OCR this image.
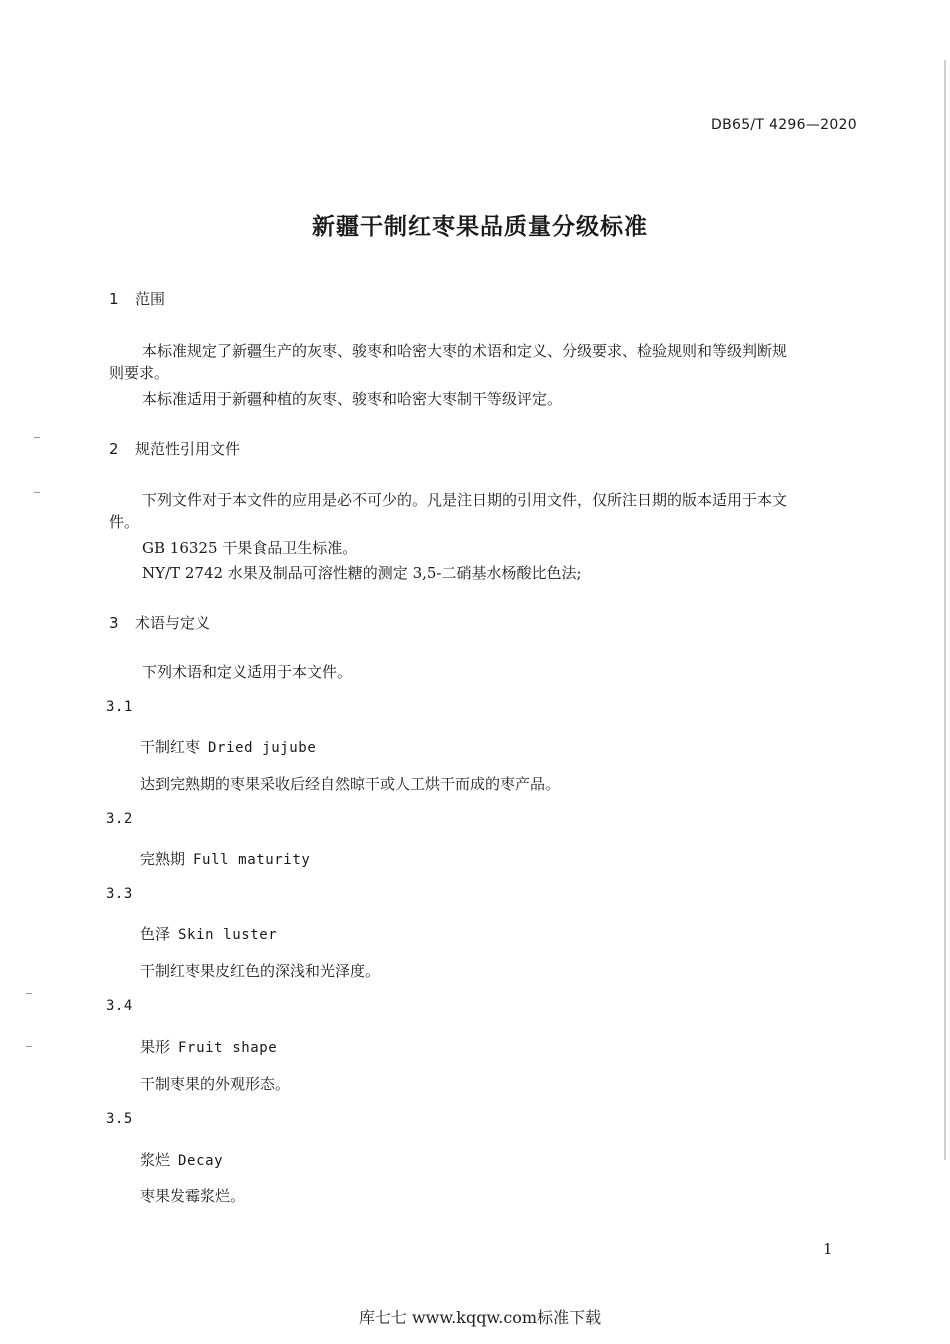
DB65/T 4296—2020
新疆干制红枣果品质量分级标准
1 范围
本标准规定了新疆生产的灰枣、骏枣和哈密大枣的术语和定义、分级要求、检验规则和等级判断规
则要求。
本标准适用于新疆种植的灰枣、骏枣和哈密大枣制干等级评定。
2 规范性引用文件
下列文件对于本文件的应用是必不可少的。凡是注日期的引用文件，仅所注日期的版本适用于本文
件。
GB 16325 干果食品卫生标准。
NY/T 2742 水果及制品可溶性糖的测定 3,5-二硝基水杨酸比色法;
3 术语与定义
下列术语和定义适用于本文件。
3.1
干制红枣 Dried jujube
达到完熟期的枣果采收后经自然晾干或人工烘干而成的枣产品。
3.2
完熟期 Full maturity
3.3
色泽 Skin luster
干制红枣果皮红色的深浅和光泽度。
3.4
果形 Fruit shape
干制枣果的外观形态。
3.5
浆烂 Decay
枣果发霉浆烂。
1
库七七 www.kqqw.com标准下载
